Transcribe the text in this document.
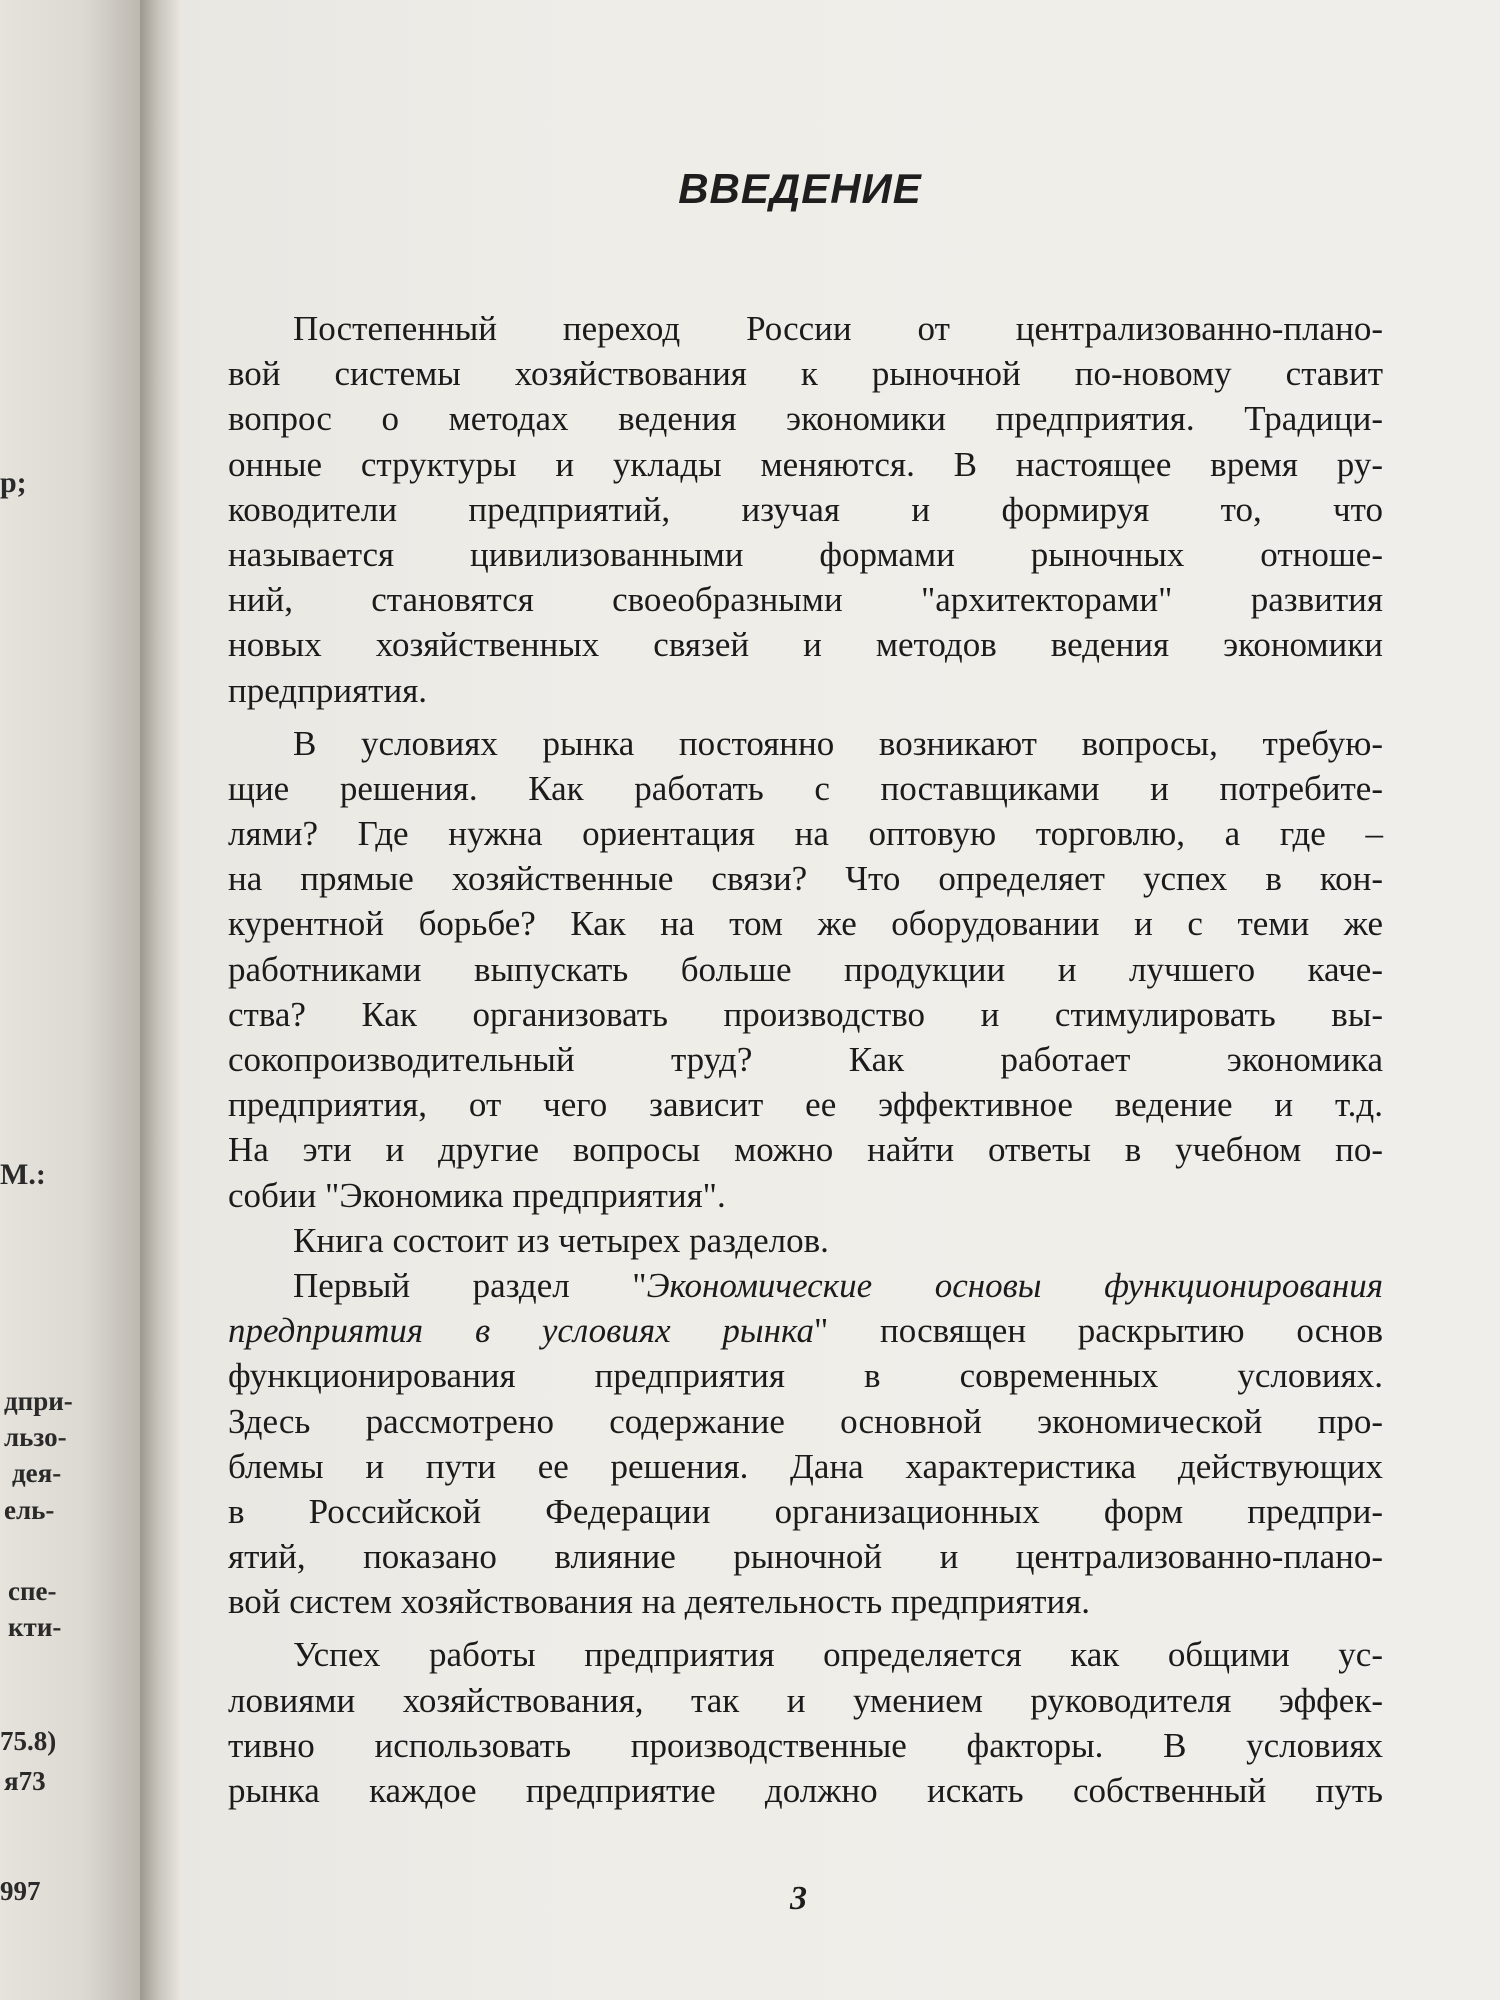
р;
М.:
дпри-
льзо-
дея-
ель-
спе-
кти-
75.8)
я73
997
ВВЕДЕНИЕ
Постепенный переход России от централизованно-плано-
вой системы хозяйствования к рыночной по-новому ставит
вопрос о методах ведения экономики предприятия. Традици-
онные структуры и уклады меняются. В настоящее время ру-
ководители предприятий, изучая и формируя то, что
называется цивилизованными формами рыночных отноше-
ний, становятся своеобразными "архитекторами" развития
новых хозяйственных связей и методов ведения экономики
предприятия.
В условиях рынка постоянно возникают вопросы, требую-
щие решения. Как работать с поставщиками и потребите-
лями? Где нужна ориентация на оптовую торговлю, а где –
на прямые хозяйственные связи? Что определяет успех в кон-
курентной борьбе? Как на том же оборудовании и с теми же
работниками выпускать больше продукции и лучшего каче-
ства? Как организовать производство и стимулировать вы-
сокопроизводительный труд? Как работает экономика
предприятия, от чего зависит ее эффективное ведение и т.д.
На эти и другие вопросы можно найти ответы в учебном по-
собии "Экономика предприятия".
Книга состоит из четырех разделов.
Первый раздел "Экономические основы функционирования
предприятия в условиях рынка" посвящен раскрытию основ
функционирования предприятия в современных условиях.
Здесь рассмотрено содержание основной экономической про-
блемы и пути ее решения. Дана характеристика действующих
в Российской Федерации организационных форм предпри-
ятий, показано влияние рыночной и централизованно-плано-
вой систем хозяйствования на деятельность предприятия.
Успех работы предприятия определяется как общими ус-
ловиями хозяйствования, так и умением руководителя эффек-
тивно использовать производственные факторы. В условиях
рынка каждое предприятие должно искать собственный путь
3
